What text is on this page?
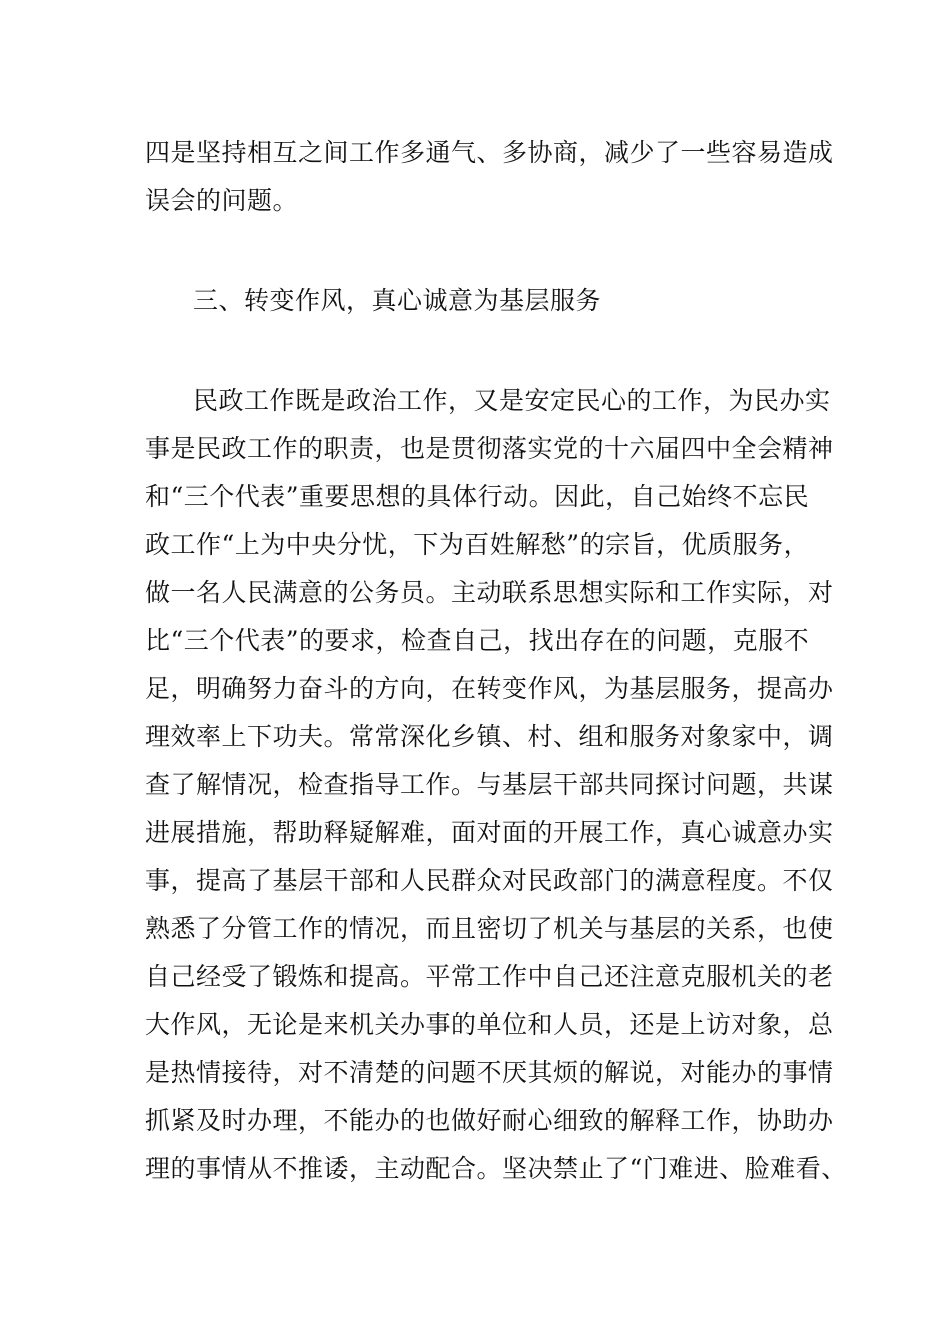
四是坚持相互之间工作多通气、多协商，减少了一些容易造成
误会的问题。
三、转变作风，真心诚意为基层服务
民政工作既是政治工作，又是安定民心的工作，为民办实
事是民政工作的职责，也是贯彻落实党的十六届四中全会精神
和“三个代表”重要思想的具体行动。因此，自己始终不忘民
政工作“上为中央分忧，下为百姓解愁”的宗旨，优质服务，
做一名人民满意的公务员。主动联系思想实际和工作实际，对
比“三个代表”的要求，检查自己，找出存在的问题，克服不
足，明确努力奋斗的方向，在转变作风，为基层服务，提高办
理效率上下功夫。常常深化乡镇、村、组和服务对象家中，调
查了解情况，检查指导工作。与基层干部共同探讨问题，共谋
进展措施，帮助释疑解难，面对面的开展工作，真心诚意办实
事，提高了基层干部和人民群众对民政部门的满意程度。不仅
熟悉了分管工作的情况，而且密切了机关与基层的关系，也使
自己经受了锻炼和提高。平常工作中自己还注意克服机关的老
大作风，无论是来机关办事的单位和人员，还是上访对象，总
是热情接待，对不清楚的问题不厌其烦的解说，对能办的事情
抓紧及时办理，不能办的也做好耐心细致的解释工作，协助办
理的事情从不推诿，主动配合。坚决禁止了“门难进、脸难看、
